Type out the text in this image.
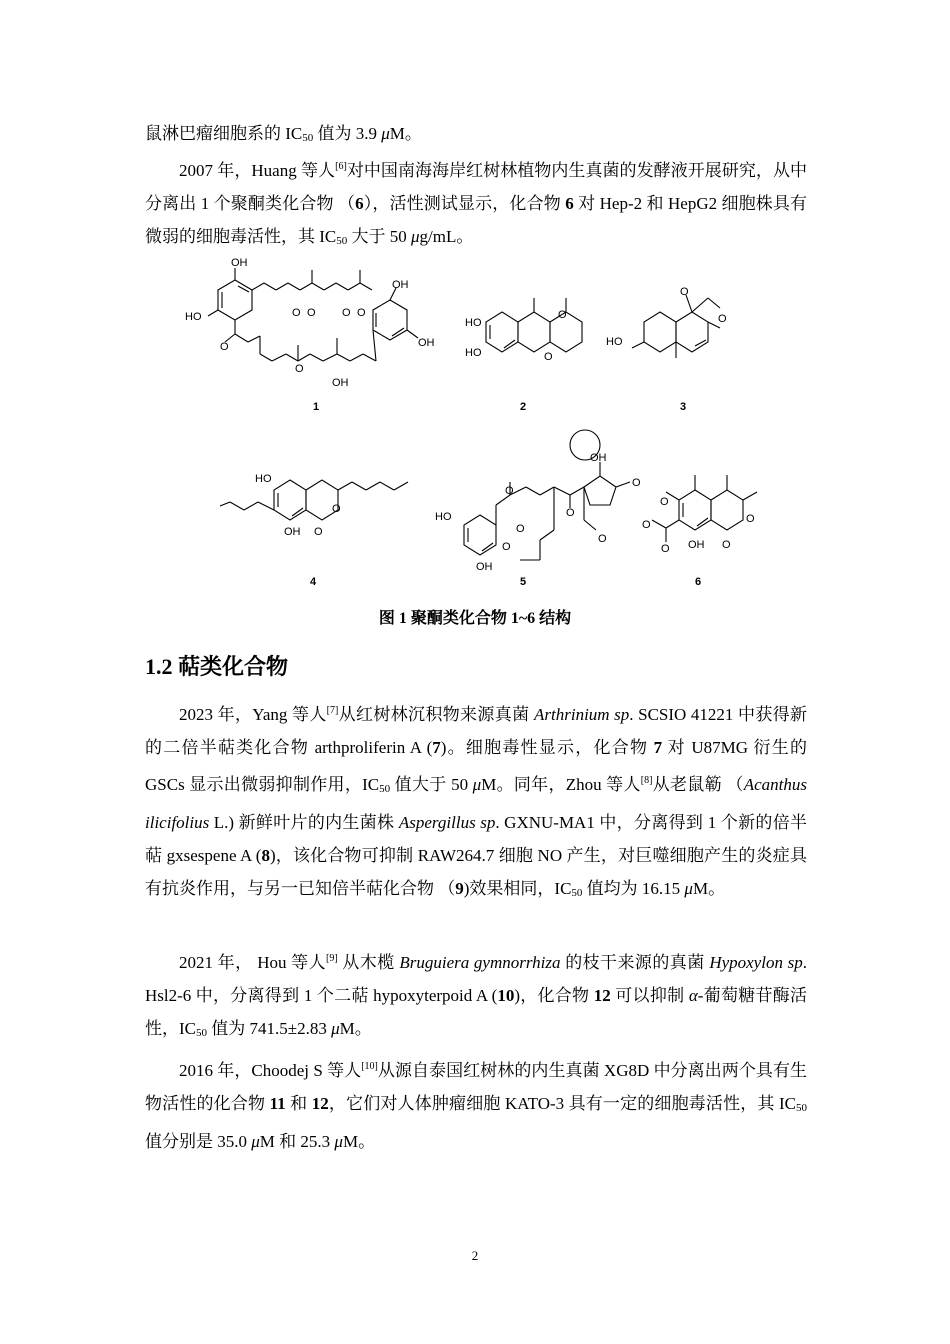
鼠淋巴瘤细胞系的 IC50 值为 3.9 μM。
2007 年，Huang 等人[6]对中国南海海岸红树林植物内生真菌的发酵液开展研究，从中分离出 1 个聚酮类化合物 （6），活性测试显示，化合物 6 对 Hep-2 和 HepG2 细胞株具有微弱的细胞毒活性，其 IC50 大于 50 μg/mL。
OH
HO
O
O O O O
OH
OH
OH
O
1
HO
HO	O
O
2
O
O
HO
3
HO
OH O
O
4
OH
HO
OH
O
O
O
O
O
O
5
O
O
O OH O
O
6
图 1 聚酮类化合物 1~6 结构
1.2 萜类化合物
2023 年，Yang 等人[7]从红树林沉积物来源真菌 Arthrinium sp. SCSIO 41221 中获得新的二倍半萜类化合物 arthproliferin A (7)。细胞毒性显示，化合物 7 对 U87MG 衍生的 GSCs 显示出微弱抑制作用，IC50 值大于 50 μM。同年，Zhou 等人[8]从老鼠簕 （Acanthus ilicifolius L.) 新鲜叶片的内生菌株 Aspergillus sp. GXNU-MA1 中，分离得到 1 个新的倍半萜 gxsespene A (8)，该化合物可抑制 RAW264.7 细胞 NO 产生，对巨噬细胞产生的炎症具有抗炎作用，与另一已知倍半萜化合物 （9)效果相同，IC50 值均为 16.15 μM。
2021 年， Hou 等人[9] 从木榄 Bruguiera gymnorrhiza 的枝干来源的真菌 Hypoxylon sp. Hsl2-6 中，分离得到 1 个二萜 hypoxyterpoid A (10)，化合物 12 可以抑制 α-葡萄糖苷酶活性，IC50 值为 741.5±2.83 μM。
2016 年，Choodej S 等人[10]从源自泰国红树林的内生真菌 XG8D 中分离出两个具有生物活性的化合物 11 和 12，它们对人体肿瘤细胞 KATO-3 具有一定的细胞毒活性，其 IC50 值分别是 35.0 μM 和 25.3 μM。
2
